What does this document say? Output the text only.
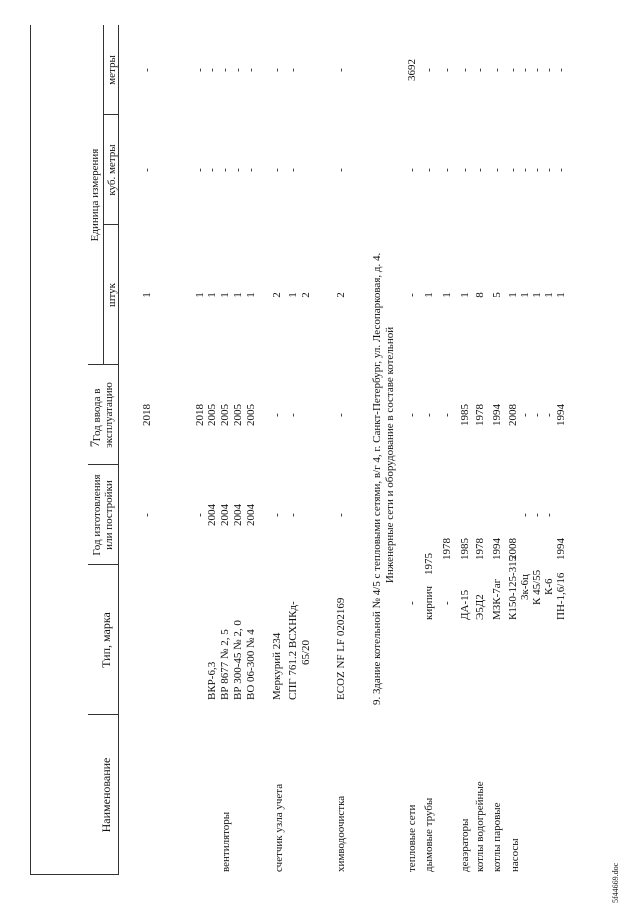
7
Наименование
Тип, марка
Год изготовления или постройки
Год ввода в эксплуатацию
Единица измерения
штук
куб. метры
метры
-
2018
1
-
-
-
2018
1
-
-
вентиляторы
ВКР-6,3
2004
2005
1
-
-
ВР 8677 № 2, 5
2004
2005
1
-
-
ВР 300-45 № 2, 0
2004
2005
1
-
-
ВО 06-300 № 4
2004
2005
1
-
-
счетчик узла учета
Меркурий 234
-
-
2
-
-
СПГ 761.2 ВСХНКд- 65/20
-
-
1 2
-
-
химводоочистка
ECOZ NF LF 0202169
-
-
2
-
-
9. Здание котельной № 4/5 с тепловыми сетями, в/г 4, г. Санкт-Петербург, ул. Лесопарковая, д. 4. Инженерные сети и оборудование в составе котельной
тепловые сети
-
-
-
-
3692
дымовые трубы
кирпич
1975
-
1
-
-
-
1978
-
1
-
-
деаэраторы
ДА-15
1985
1985
1
-
-
котлы водогрейные
Э5Д2
1978
1978
8
-
-
котлы паровые
МЗК-7аг
1994
1994
5
-
-
насосы
К150-125-315
2008
2008
1
-
-
3к-6ц
-
-
1
-
-
К 45/55
-
-
1
-
-
К-6
-
-
1
-
-
ПН-1,6/16
1994
1994
1
-
-
5f44669.doc
